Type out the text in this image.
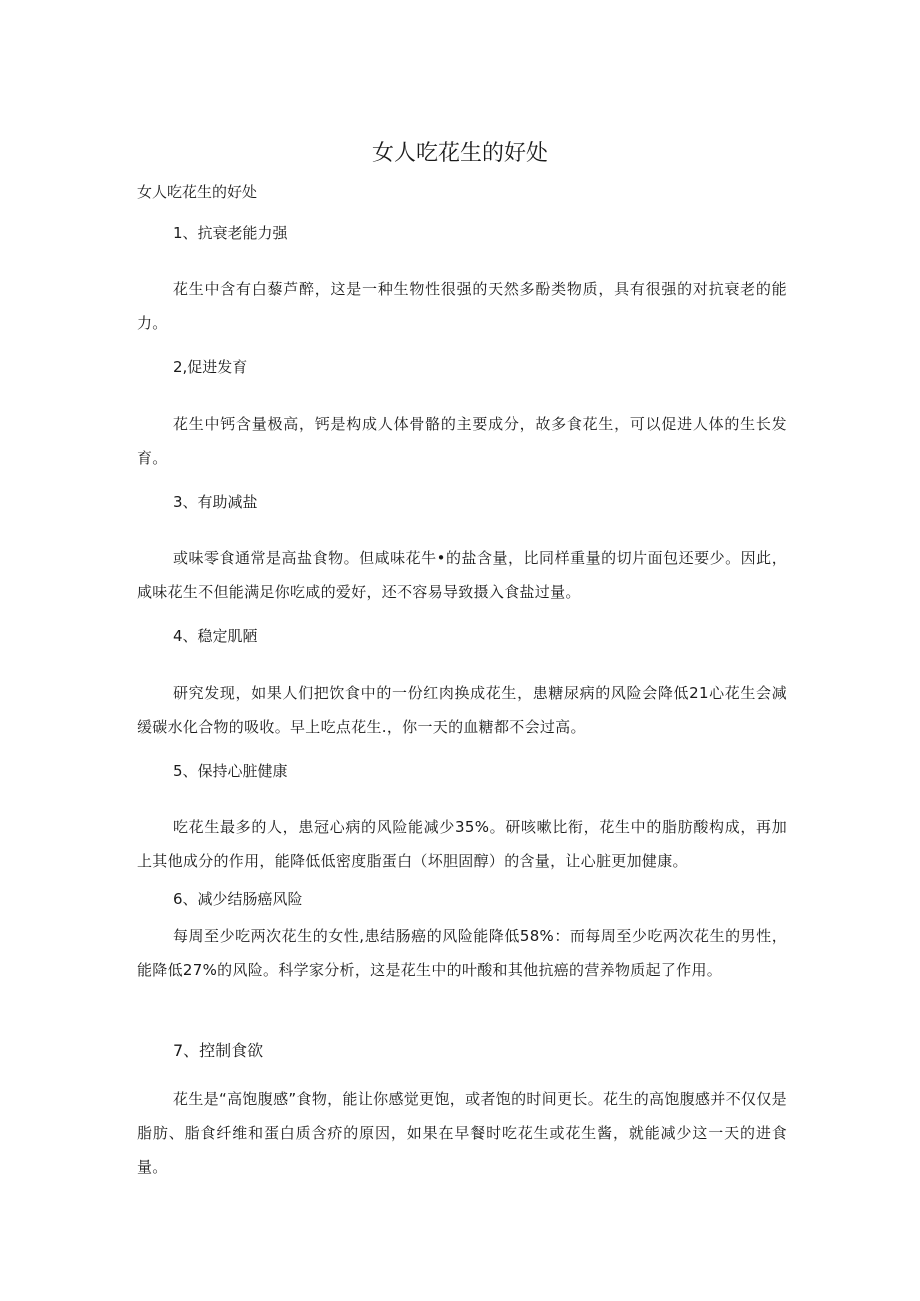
女人吃花生的好处

女人吃花生的好处

1、抗衰老能力强

花生中含有白藜芦醉，这是一种生物性很强的天然多酚类物质，具有很强的对抗衰老的能力。

2,促进发育

花生中钙含量极高，钙是构成人体骨骼的主要成分，故多食花生，可以促进人体的生长发育。

3、有助减盐

或味零食通常是高盐食物。但咸味花牛•的盐含量，比同样重量的切片面包还要少。因此，咸味花生不但能满足你吃咸的爱好，还不容易导致摄入食盐过量。

4、稳定肌陋

研究发现，如果人们把饮食中的一份红肉换成花生，患糖尿病的风险会降低21心花生会减缓碳水化合物的吸收。早上吃点花生.，你一天的血糖都不会过高。

5、保持心脏健康

吃花生最多的人，患冠心病的风险能减少35%。研咳嗽比衔，花生中的脂肪酸构成，再加上其他成分的作用，能降低低密度脂蛋白（坏胆固醇）的含量，让心脏更加健康。

6、减少结肠癌风险

每周至少吃两次花生的女性,患结肠癌的风险能降低58%：而每周至少吃两次花生的男性，能降低27%的风险。科学家分析，这是花生中的叶酸和其他抗癌的营养物质起了作用。

7、控制食欲

花生是“高饱腹感”食物，能让你感觉更饱，或者饱的时间更长。花生的高饱腹感并不仅仅是脂肪、脂食纤维和蛋白质含疥的原因，如果在早餐时吃花生或花生酱，就能减少这一天的进食量。
